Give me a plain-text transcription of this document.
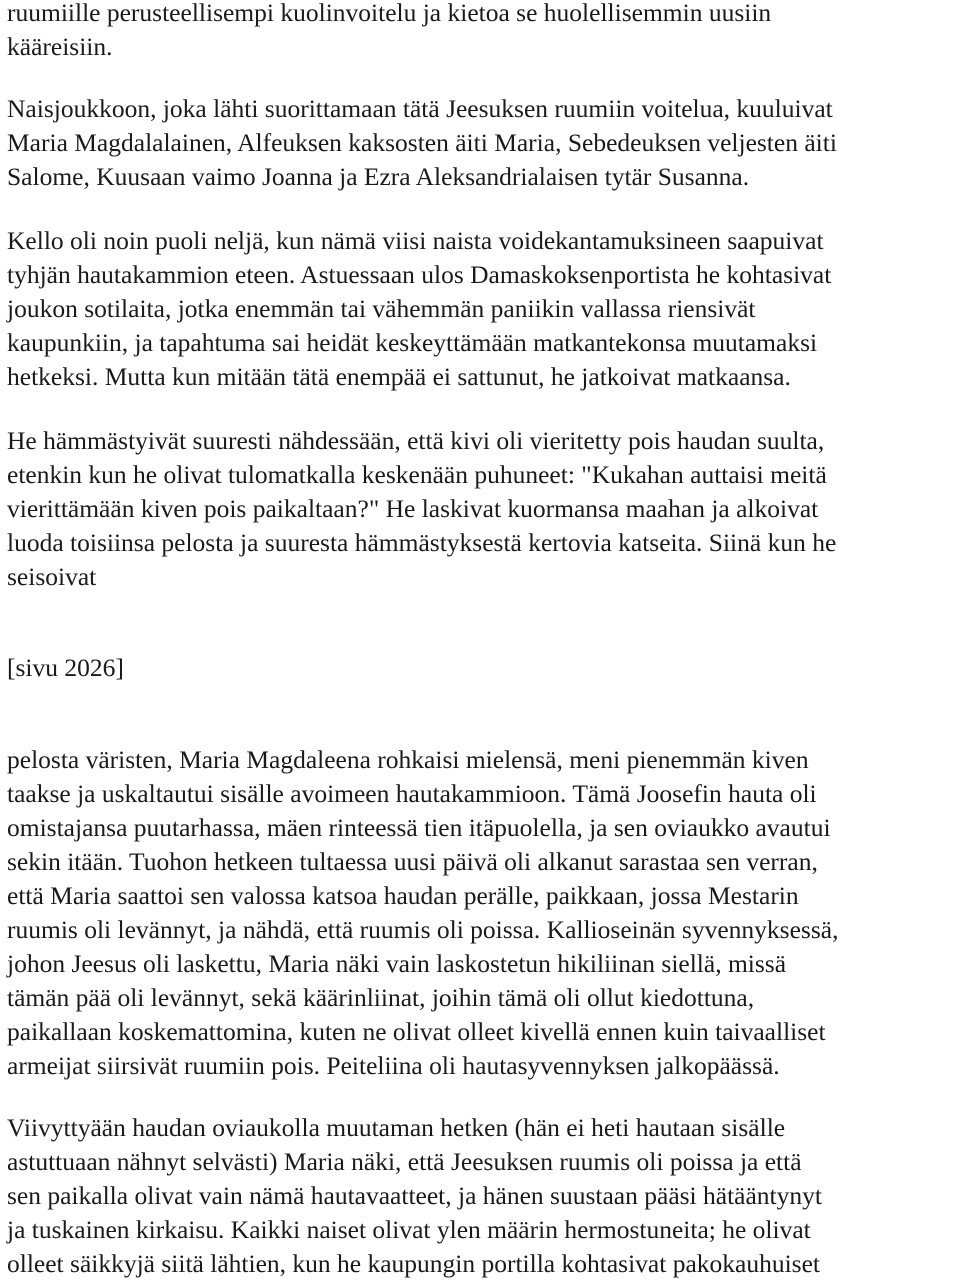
ruumiille perusteellisempi kuolinvoitelu ja kietoa se huolellisemmin uusiin
kääreisiin.

Naisjoukkoon, joka lähti suorittamaan tätä Jeesuksen ruumiin voitelua, kuuluivat
Maria Magdalalainen, Alfeuksen kaksosten äiti Maria, Sebedeuksen veljesten äiti
Salome, Kuusaan vaimo Joanna ja Ezra Aleksandrialaisen tytär Susanna.

Kello oli noin puoli neljä, kun nämä viisi naista voidekantamuksineen saapuivat
tyhjän hautakammion eteen. Astuessaan ulos Damaskoksenportista he kohtasivat
joukon sotilaita, jotka enemmän tai vähemmän paniikin vallassa riensivät
kaupunkiin, ja tapahtuma sai heidät keskeyttämään matkantekonsa muutamaksi
hetkeksi. Mutta kun mitään tätä enempää ei sattunut, he jatkoivat matkaansa.

He hämmästyivät suuresti nähdessään, että kivi oli vieritetty pois haudan suulta,
etenkin kun he olivat tulomatkalla keskenään puhuneet: "Kukahan auttaisi meitä
vierittämään kiven pois paikaltaan?" He laskivat kuormansa maahan ja alkoivat
luoda toisiinsa pelosta ja suuresta hämmästyksestä kertovia katseita. Siinä kun he
seisoivat

[sivu 2026]

pelosta väristen, Maria Magdaleena rohkaisi mielensä, meni pienemmän kiven
taakse ja uskaltautui sisälle avoimeen hautakammioon. Tämä Joosefin hauta oli
omistajansa puutarhassa, mäen rinteessä tien itäpuolella, ja sen oviaukko avautui
sekin itään. Tuohon hetkeen tultaessa uusi päivä oli alkanut sarastaa sen verran,
että Maria saattoi sen valossa katsoa haudan perälle, paikkaan, jossa Mestarin
ruumis oli levännyt, ja nähdä, että ruumis oli poissa. Kallioseinän syvennyksessä,
johon Jeesus oli laskettu, Maria näki vain laskostetun hikiliinan siellä, missä
tämän pää oli levännyt, sekä käärinliinat, joihin tämä oli ollut kiedottuna,
paikallaan koskemattomina, kuten ne olivat olleet kivellä ennen kuin taivaalliset
armeijat siirsivät ruumiin pois. Peiteliina oli hautasyvennyksen jalkopäässä.

Viivyttyään haudan oviaukolla muutaman hetken (hän ei heti hautaan sisälle
astuttuaan nähnyt selvästi) Maria näki, että Jeesuksen ruumis oli poissa ja että
sen paikalla olivat vain nämä hautavaatteet, ja hänen suustaan pääsi hätääntynyt
ja tuskainen kirkaisu. Kaikki naiset olivat ylen määrin hermostuneita; he olivat
olleet säikkyjä siitä lähtien, kun he kaupungin portilla kohtasivat pakokauhuiset
